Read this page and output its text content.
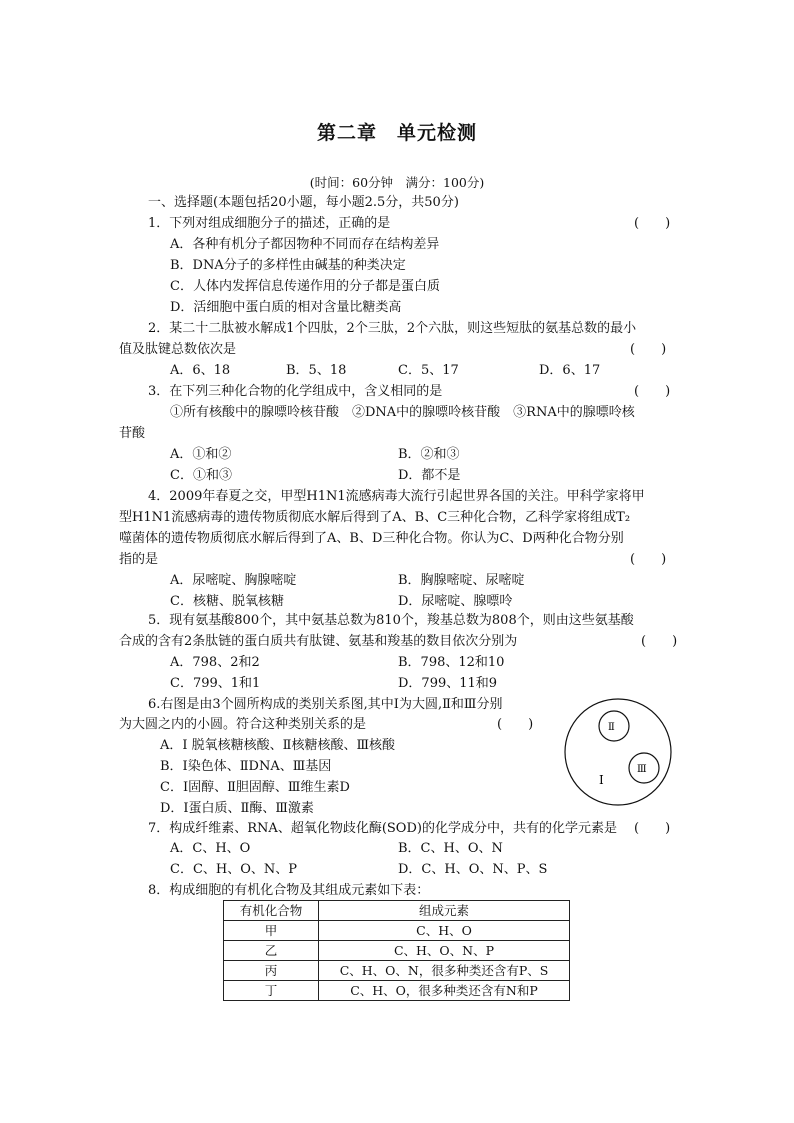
第二章　单元检测
(时间：60分钟　满分：100分)
一、选择题(本题包括20小题，每小题2.5分，共50分)
1．下列对组成细胞分子的描述，正确的是	(　　)
A．各种有机分子都因物种不同而存在结构差异
B．DNA分子的多样性由碱基的种类决定
C．人体内发挥信息传递作用的分子都是蛋白质
D．活细胞中蛋白质的相对含量比糖类高
2．某二十二肽被水解成1个四肽，2个三肽，2个六肽，则这些短肽的氨基总数的最小
值及肽键总数依次是	(　　)
A．6、18	B．5、18	C．5、17	D．6、17
3．在下列三种化合物的化学组成中，含义相同的是	(　　)
①所有核酸中的腺嘌呤核苷酸　②DNA中的腺嘌呤核苷酸　③RNA中的腺嘌呤核
苷酸
A．①和②	B．②和③
C．①和③	D．都不是
4．2009年春夏之交，甲型H1N1流感病毒大流行引起世界各国的关注。甲科学家将甲
型H1N1流感病毒的遗传物质彻底水解后得到了A、B、C三种化合物，乙科学家将组成T₂
噬菌体的遗传物质彻底水解后得到了A、B、D三种化合物。你认为C、D两种化合物分别
指的是	(　　)
A．尿嘧啶、胸腺嘧啶	B．胸腺嘧啶、尿嘧啶
C．核糖、脱氧核糖	D．尿嘧啶、腺嘌呤
5．现有氨基酸800个，其中氨基总数为810个，羧基总数为808个，则由这些氨基酸
合成的含有2条肽链的蛋白质共有肽键、氨基和羧基的数目依次分别为	(　　)
A．798、2和2	B．798、12和10
C．799、1和1	D．799、11和9
6.右图是由3个圆所构成的类别关系图,其中Ⅰ为大圆,Ⅱ和Ⅲ分别
为大圆之内的小圆。符合这种类别关系的是	(　　)
A．Ⅰ 脱氧核糖核酸、Ⅱ核糖核酸、Ⅲ核酸
B．Ⅰ染色体、ⅡDNA、Ⅲ基因
C．Ⅰ固醇、Ⅱ胆固醇、Ⅲ维生素D
D．Ⅰ蛋白质、Ⅱ酶、Ⅲ激素
Ⅰ
Ⅱ
Ⅲ
7．构成纤维素、RNA、超氧化物歧化酶(SOD)的化学成分中，共有的化学元素是 (　　)
A．C、H、O	B．C、H、O、N
C．C、H、O、N、P	D．C、H、O、N、P、S
8．构成细胞的有机化合物及其组成元素如下表：
有机化合物	组成元素
甲	C、H、O
乙	C、H、O、N、P
丙	C、H、O、N，很多种类还含有P、S
丁	C、H、O，很多种类还含有N和P
